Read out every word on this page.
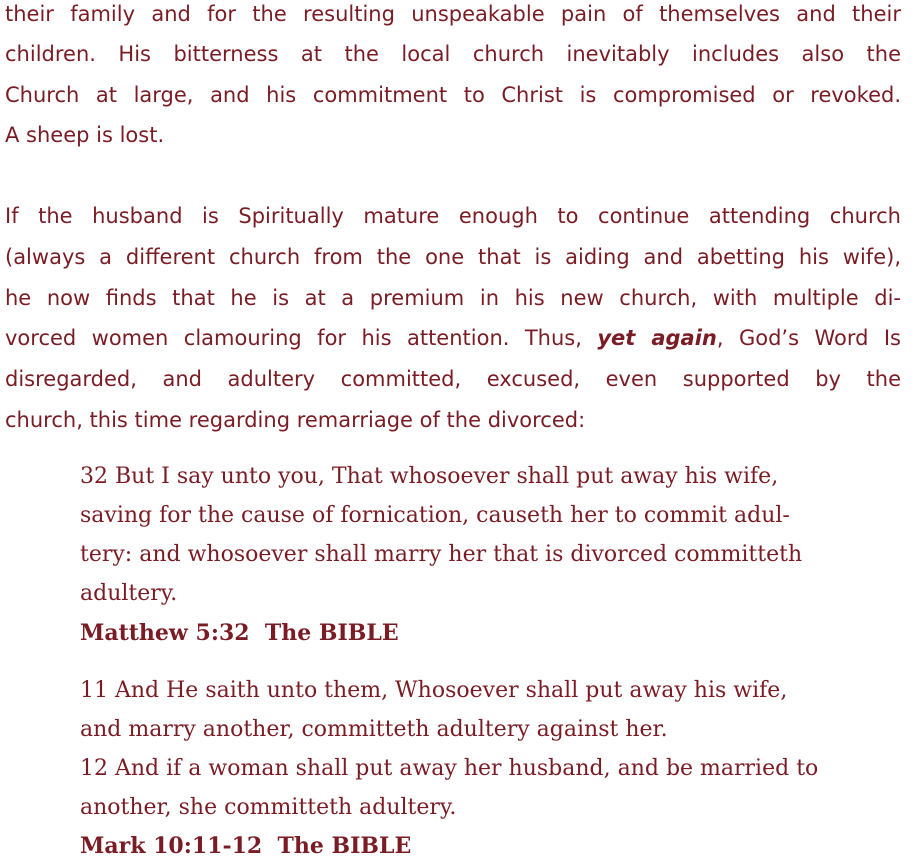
their family and for the resulting unspeakable pain of themselves and their
children. His bitterness at the local church inevitably includes also the
Church at large, and his commitment to Christ is compromised or revoked.
A sheep is lost.
If the husband is Spiritually mature enough to continue attending church
(always a different church from the one that is aiding and abetting his wife),
he now finds that he is at a premium in his new church, with multiple di-
vorced women clamouring for his attention. Thus, yet again, God’s Word Is
disregarded, and adultery committed, excused, even supported by the
church, this time regarding remarriage of the divorced:
32 But I say unto you, That whosoever shall put away his wife,
saving for the cause of fornication, causeth her to commit adul-
tery: and whosoever shall marry her that is divorced committeth
adultery.
Matthew 5:32  The BIBLE
11 And He saith unto them, Whosoever shall put away his wife,
and marry another, committeth adultery against her.
12 And if a woman shall put away her husband, and be married to
another, she committeth adultery.
Mark 10:11-12  The BIBLE
